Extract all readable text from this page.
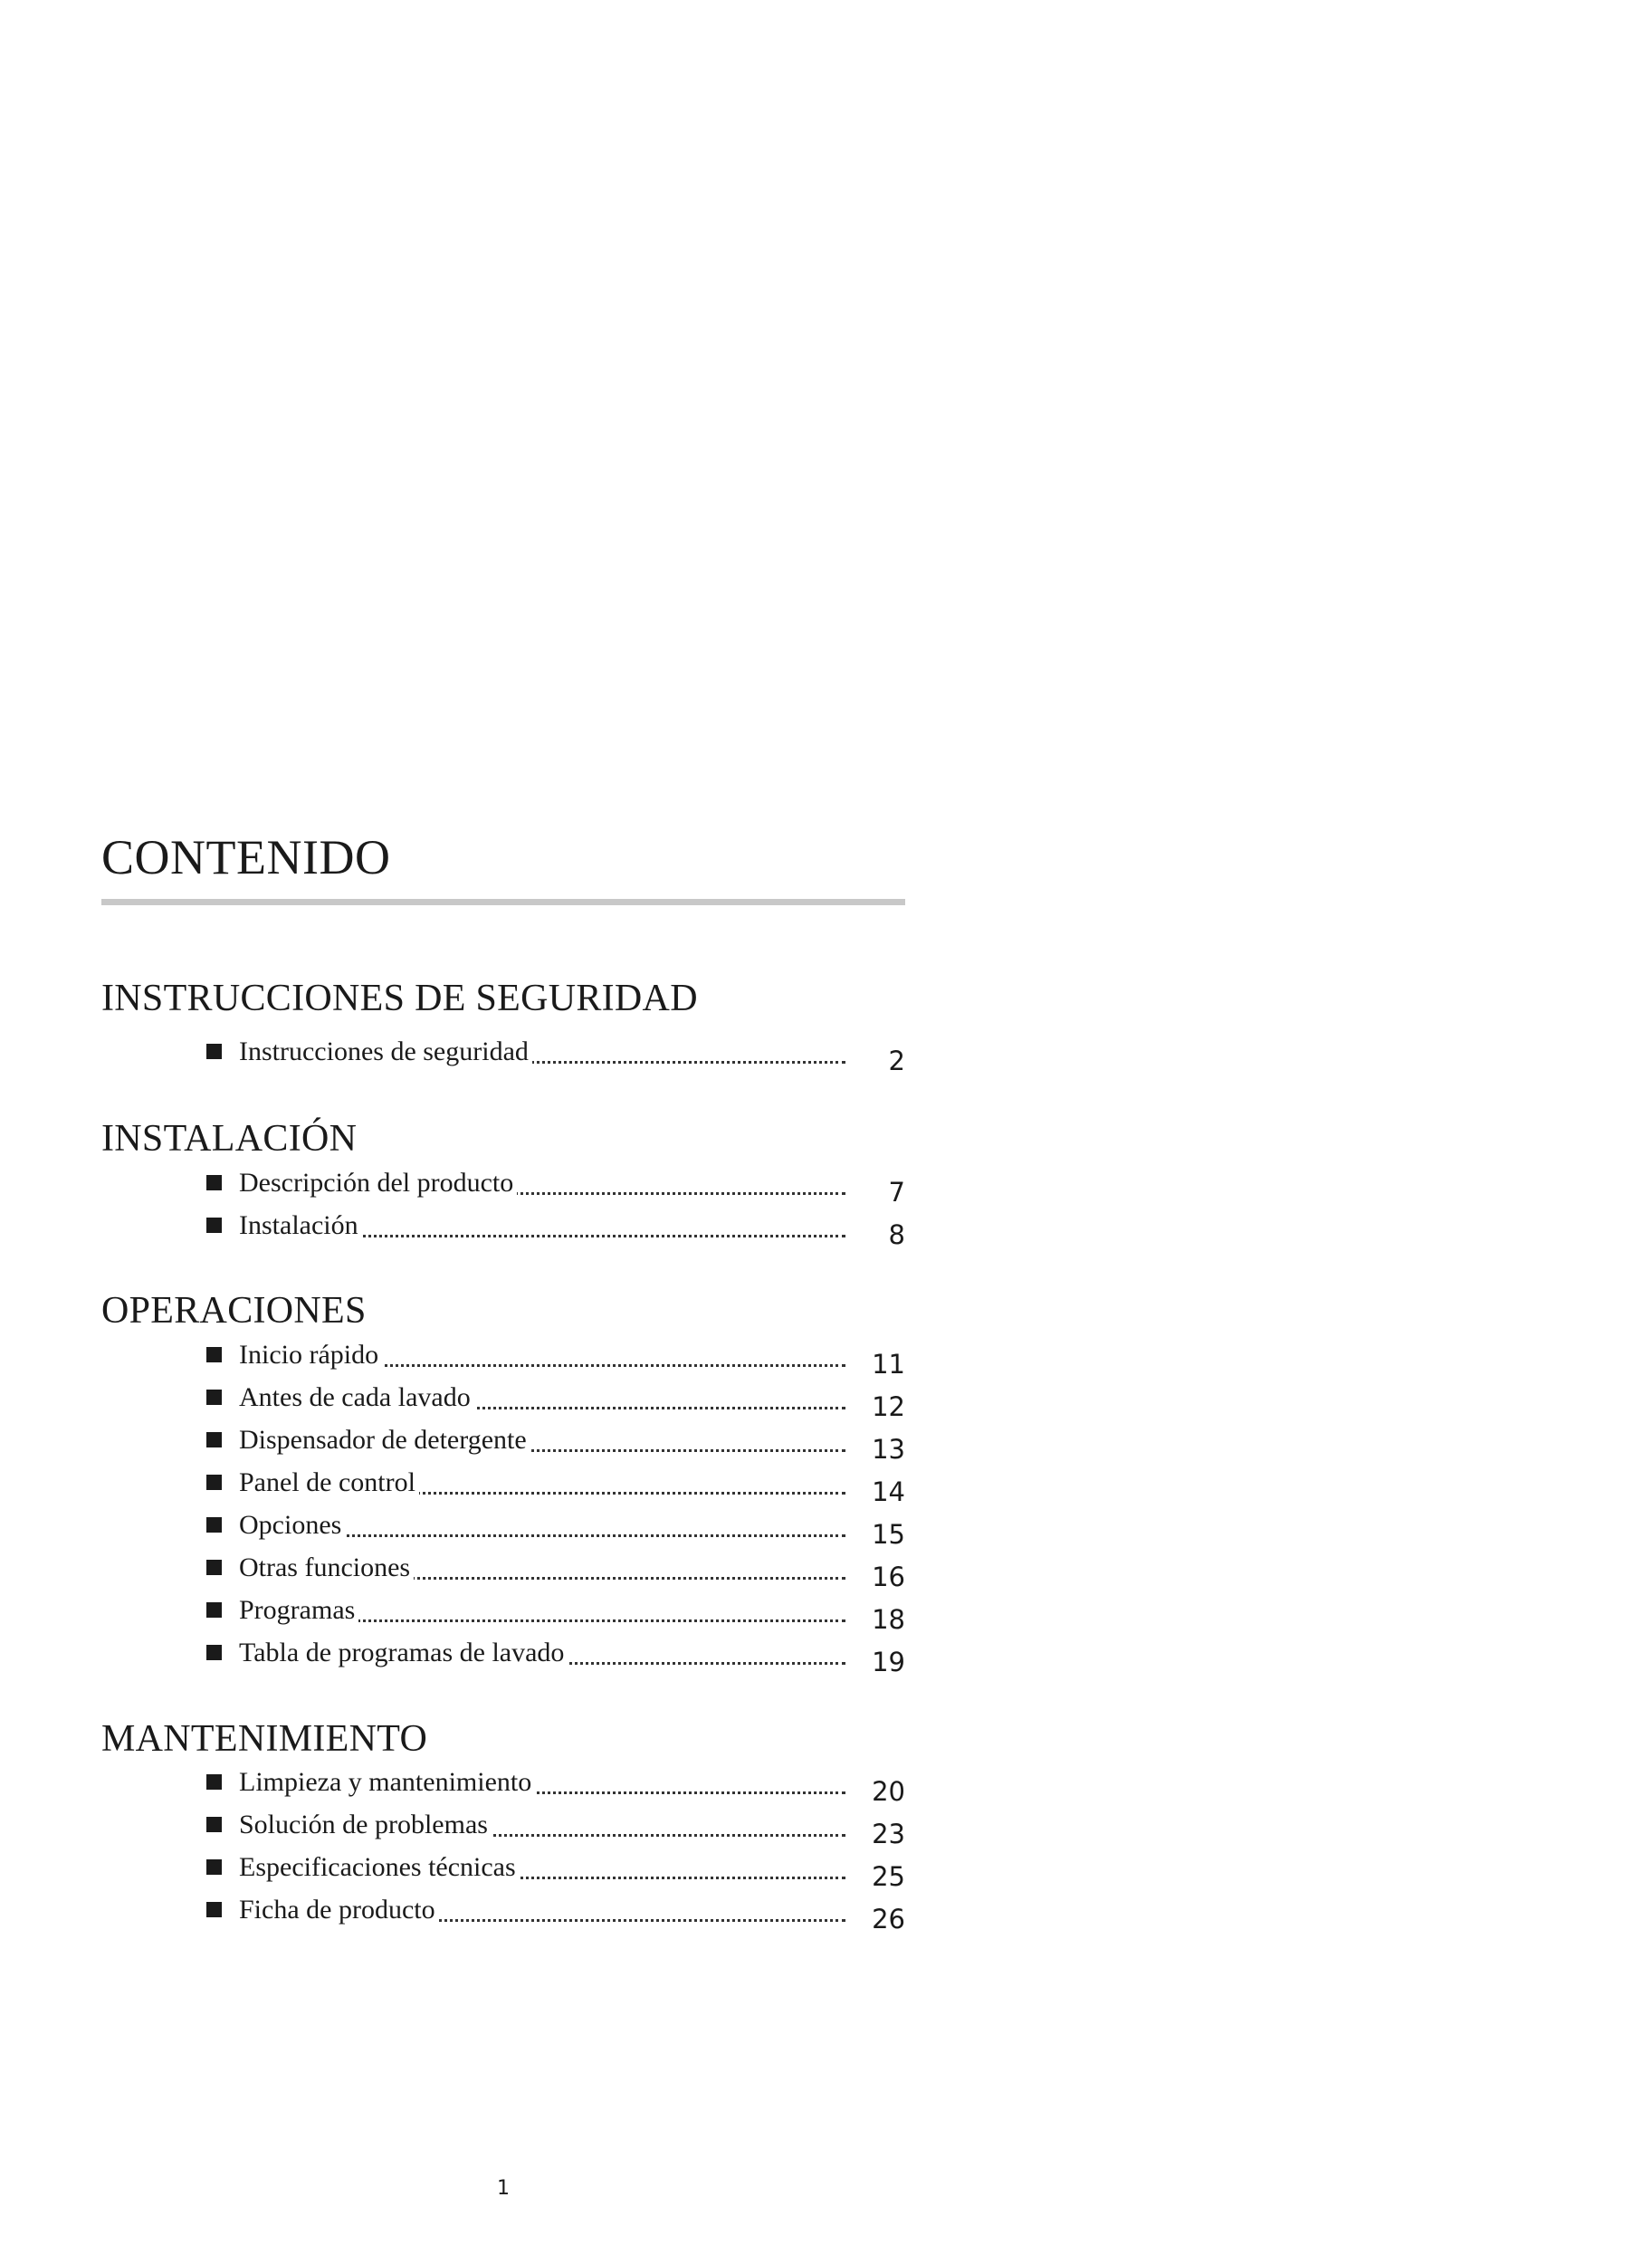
CONTENIDO
INSTRUCCIONES DE SEGURIDAD
Instrucciones de seguridad	2
INSTALACIÓN
Descripción del producto	7
Instalación	8
OPERACIONES
Inicio rápido	11
Antes de cada lavado	12
Dispensador de detergente	13
Panel de control	14
Opciones	15
Otras funciones	16
Programas	18
Tabla de programas de lavado	19
MANTENIMIENTO
Limpieza y mantenimiento	20
Solución de problemas	23
Especificaciones técnicas	25
Ficha de producto	26
1
